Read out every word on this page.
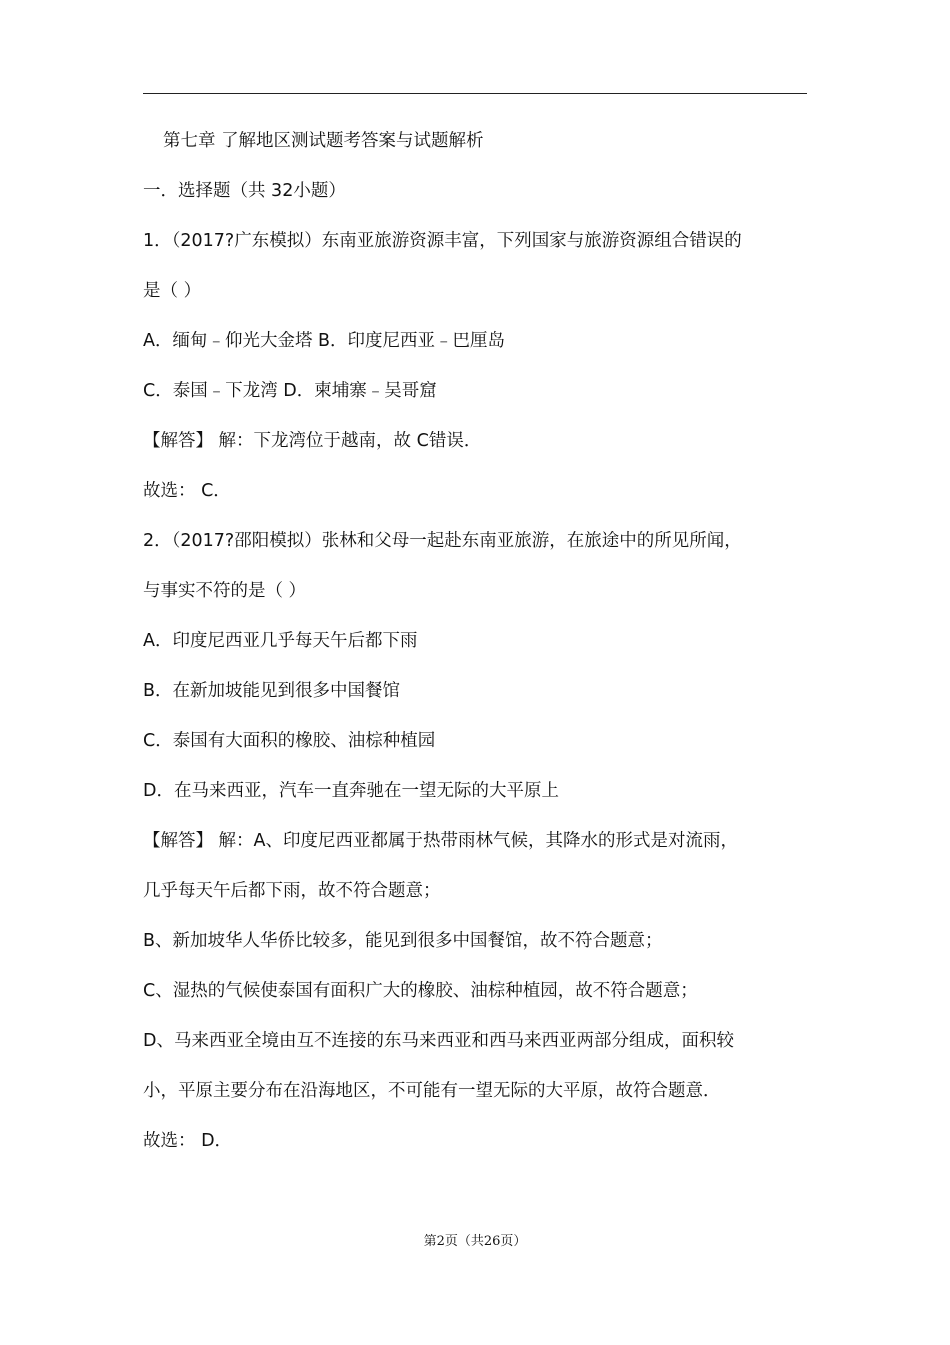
第七章 了解地区测试题考答案与试题解析
一．选择题（共 32小题）
1．（2017?广东模拟）东南亚旅游资源丰富，下列国家与旅游资源组合错误的
是（ ）
A．缅甸﹣仰光大金塔 B．印度尼西亚﹣巴厘岛
C．泰国﹣下龙湾 D．柬埔寨﹣吴哥窟
【解答】 解：下龙湾位于越南，故 C错误．
故选： C．
2．（2017?邵阳模拟）张林和父母一起赴东南亚旅游，在旅途中的所见所闻，
与事实不符的是（ ）
A．印度尼西亚几乎每天午后都下雨
B．在新加坡能见到很多中国餐馆
C．泰国有大面积的橡胶、油棕种植园
D．在马来西亚，汽车一直奔驰在一望无际的大平原上
【解答】 解：A、印度尼西亚都属于热带雨林气候，其降水的形式是对流雨，
几乎每天午后都下雨，故不符合题意；
B、新加坡华人华侨比较多，能见到很多中国餐馆，故不符合题意；
C、湿热的气候使泰国有面积广大的橡胶、油棕种植园，故不符合题意；
D、马来西亚全境由互不连接的东马来西亚和西马来西亚两部分组成，面积较
小，平原主要分布在沿海地区，不可能有一望无际的大平原，故符合题意．
故选： D．
第2页（共26页）
